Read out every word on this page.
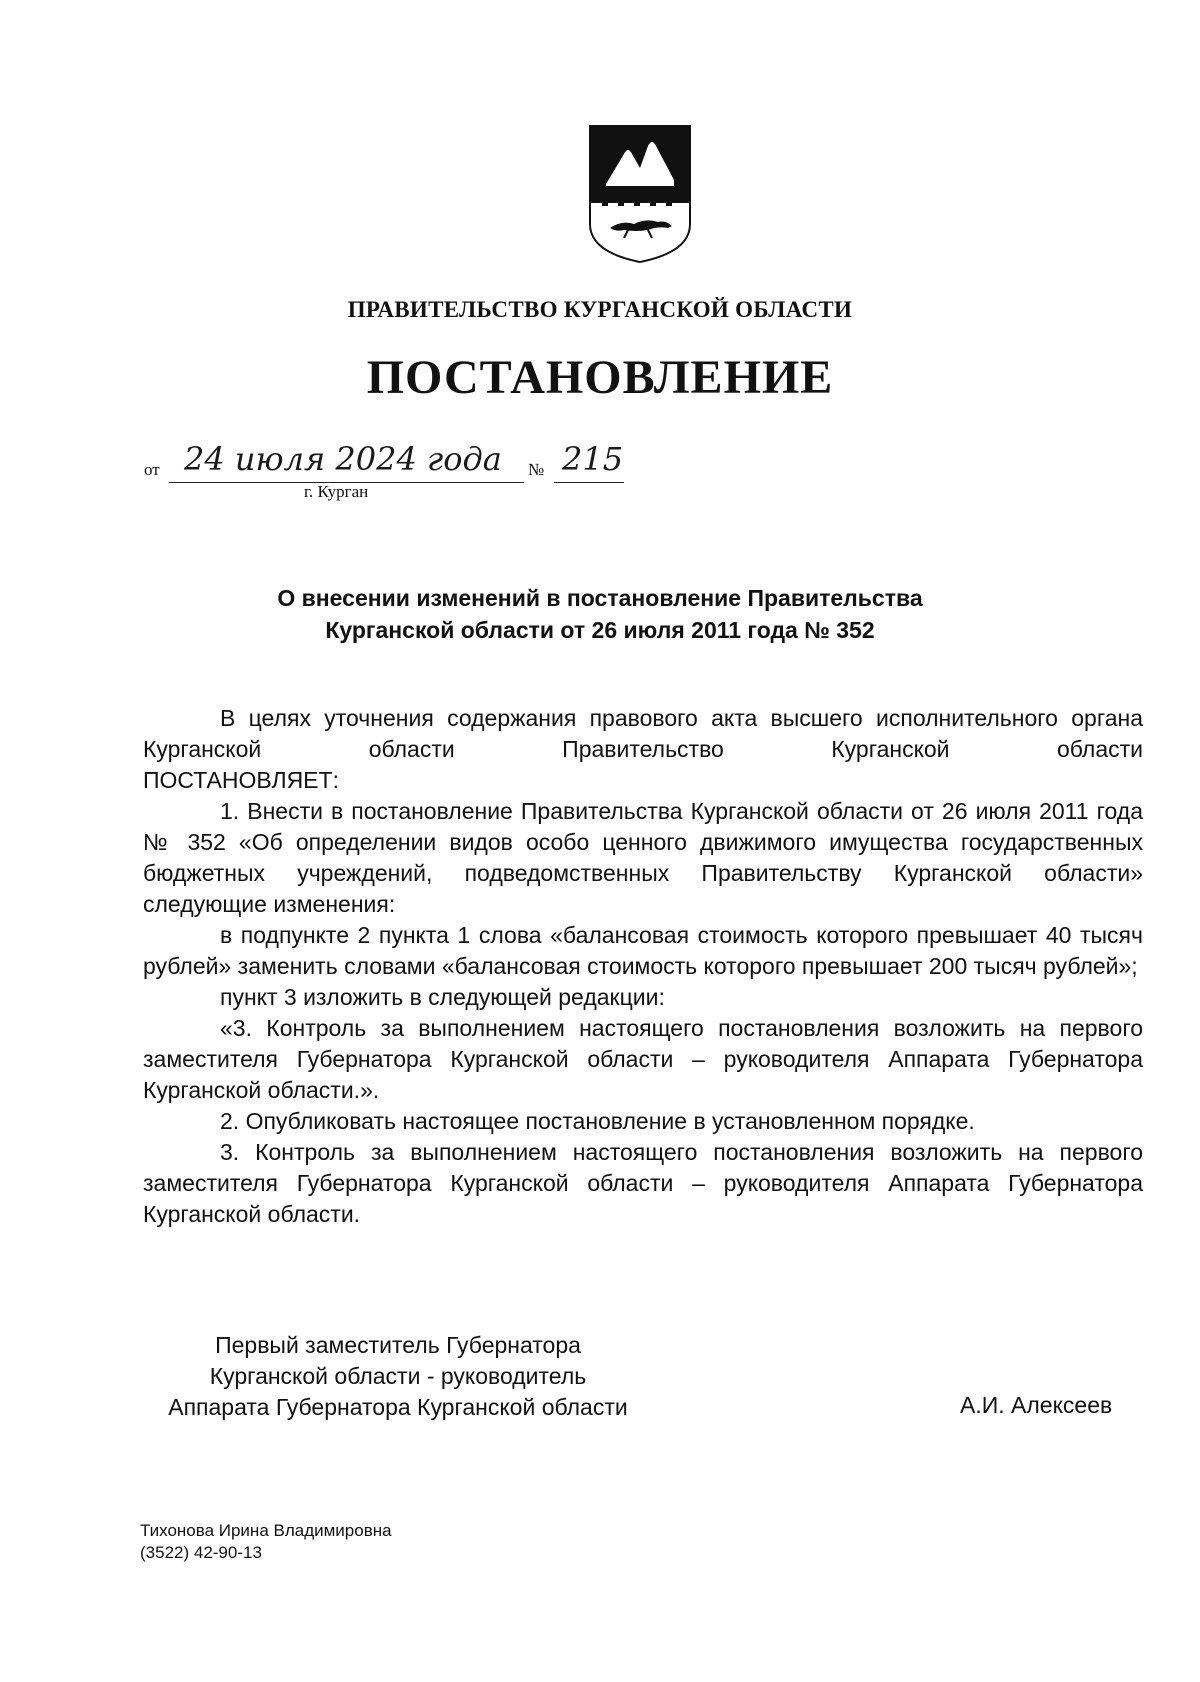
ПРАВИТЕЛЬСТВО КУРГАНСКОЙ ОБЛАСТИ
ПОСТАНОВЛЕНИЕ
от 24 июля 2024 года № 215
г. Курган
О внесении изменений в постановление Правительства
Курганской области от 26 июля 2011 года № 352

В целях уточнения содержания правового акта высшего исполнительного органа Курганской области Правительство Курганской области

ПОСТАНОВЛЯЕТ:

1. Внести в постановление Правительства Курганской области от 26 июля 2011 года № 352 «Об определении видов особо ценного движимого имущества государственных бюджетных учреждений, подведомственных Правительству Курганской области» следующие изменения:

в подпункте 2 пункта 1 слова «балансовая стоимость которого превышает 40 тысяч рублей» заменить словами «балансовая стоимость которого превышает 200 тысяч рублей»;

пункт 3 изложить в следующей редакции:

«3. Контроль за выполнением настоящего постановления возложить на первого заместителя Губернатора Курганской области – руководителя Аппарата Губернатора Курганской области.».

2. Опубликовать настоящее постановление в установленном порядке.

3. Контроль за выполнением настоящего постановления возложить на первого заместителя Губернатора Курганской области – руководителя Аппарата Губернатора Курганской области.

Первый заместитель Губернатора
Курганской области - руководитель
Аппарата Губернатора Курганской области	А.И. Алексеев
Тихонова Ирина Владимировна
(3522) 42-90-13
